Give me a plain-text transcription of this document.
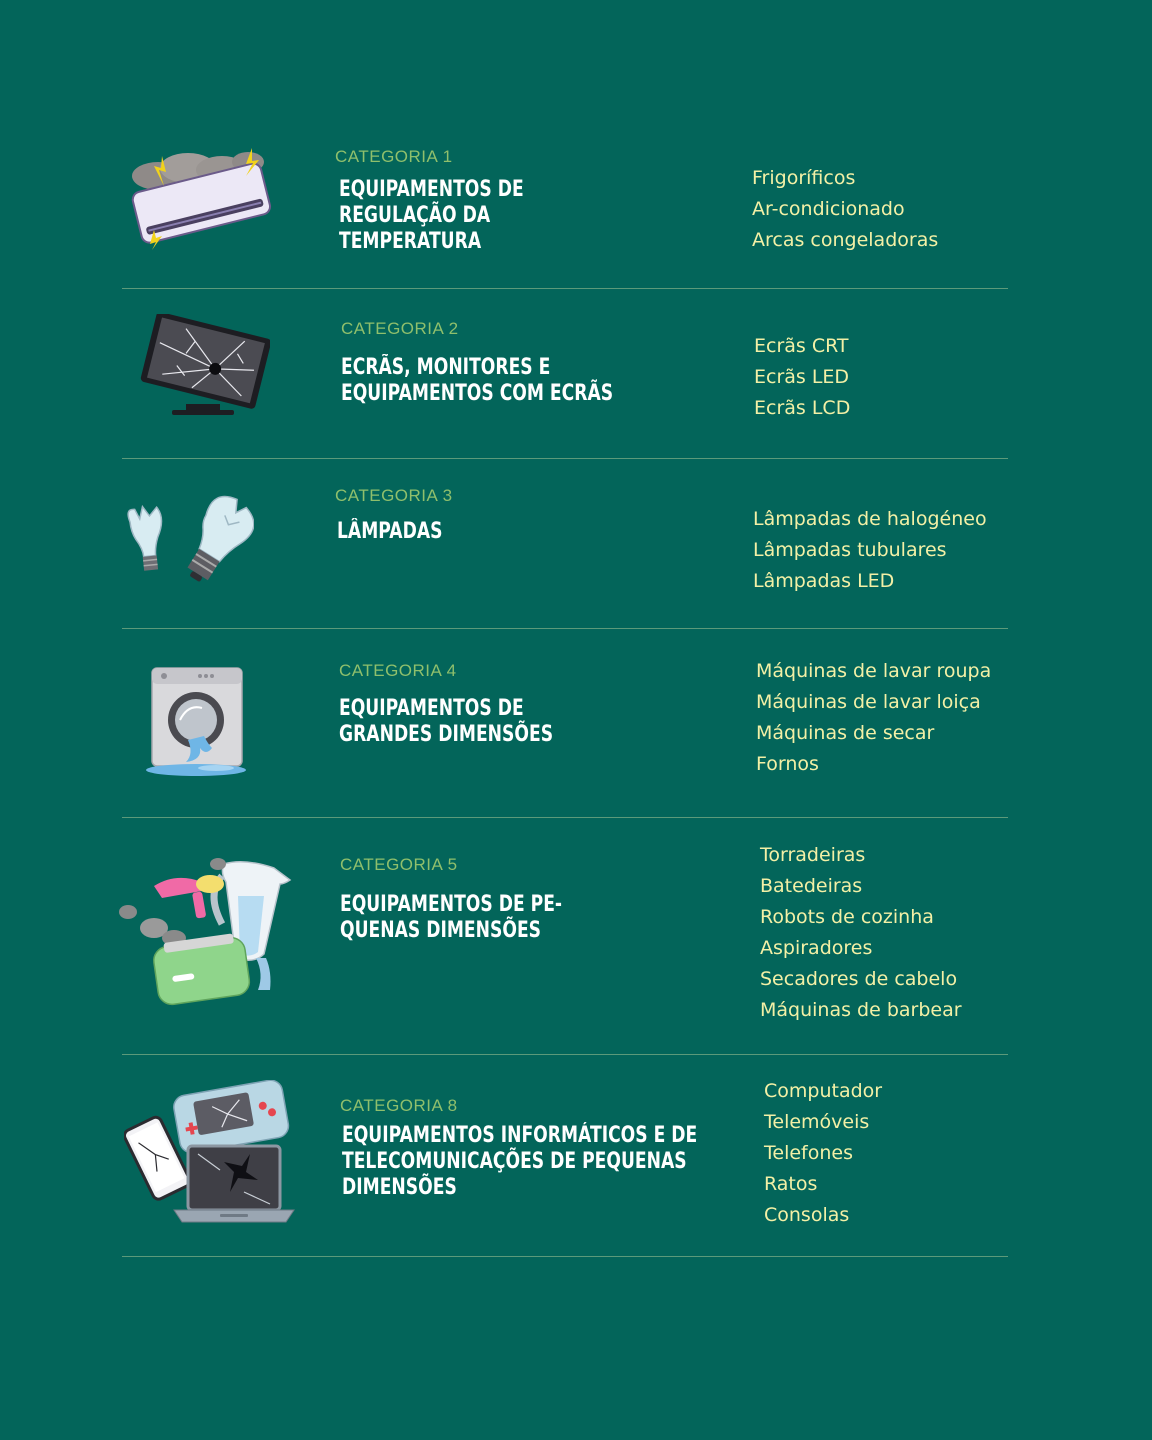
CATEGORIA 1
EQUIPAMENTOS DE
REGULAÇÃO DA
TEMPERATURA
Frigoríficos
Ar-condicionado
Arcas congeladoras
CATEGORIA 2
ECRÃS, MONITORES E
EQUIPAMENTOS COM ECRÃS
Ecrãs CRT
Ecrãs LED
Ecrãs LCD
CATEGORIA 3
LÂMPADAS	Lâmpadas de halogéneo
Lâmpadas tubulares
Lâmpadas LED
CATEGORIA 4
EQUIPAMENTOS DE
GRANDES DIMENSÕES
Máquinas de lavar roupa
Máquinas de lavar loiça
Máquinas de secar
Fornos
CATEGORIA 5
EQUIPAMENTOS DE PE-
QUENAS DIMENSÕES
Torradeiras
Batedeiras
Robots de cozinha
Aspiradores
Secadores de cabelo
Máquinas de barbear
CATEGORIA 8
EQUIPAMENTOS INFORMÁTICOS E DE
TELECOMUNICAÇÕES DE PEQUENAS
DIMENSÕES
Computador
Telemóveis
Telefones
Ratos
Consolas
